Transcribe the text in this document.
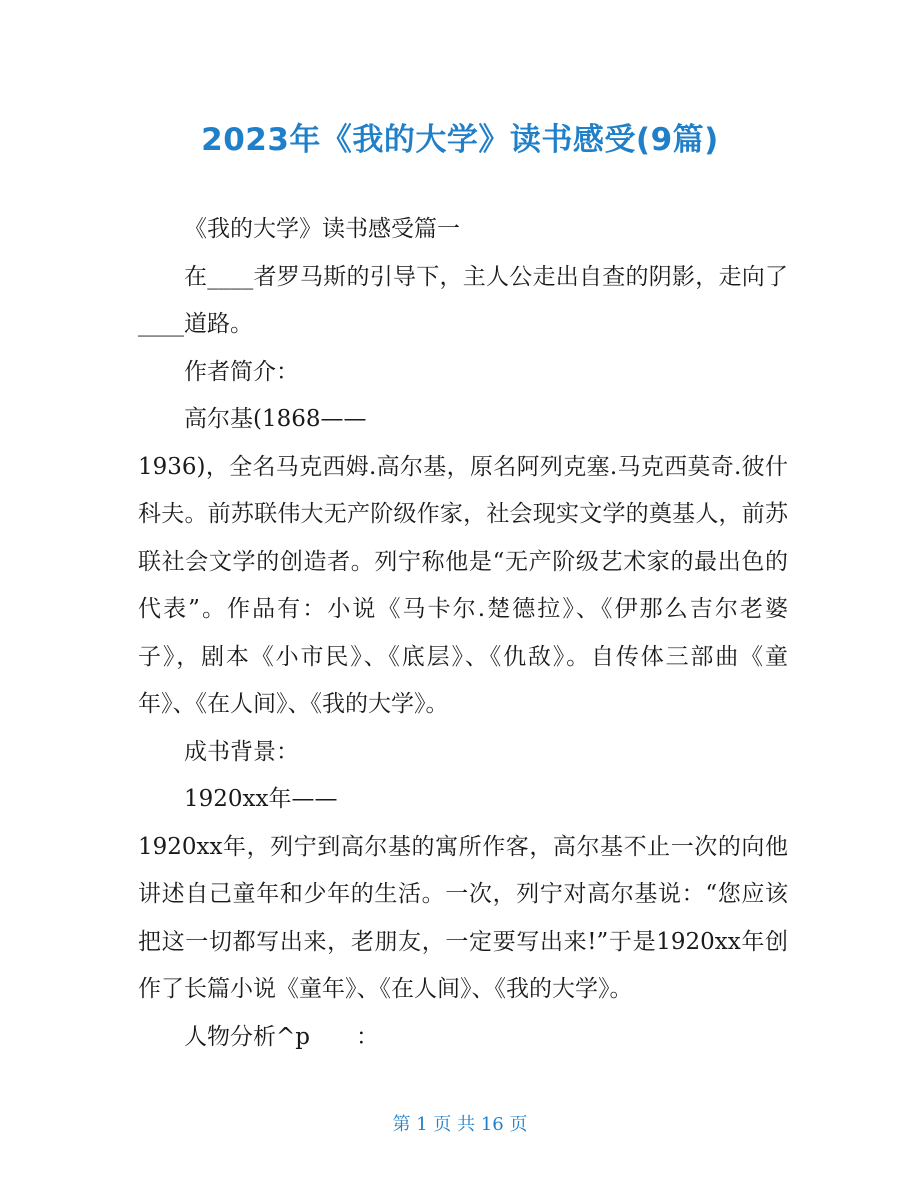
2023年《我的大学》读书感受(9篇)

《我的大学》读书感受篇一

在____者罗马斯的引导下，主人公走出自查的阴影，走向了____道路。

作者简介：

高尔基(1868——

1936)，全名马克西姆.高尔基，原名阿列克塞.马克西莫奇.彼什科夫。前苏联伟大无产阶级作家，社会现实文学的奠基人，前苏联社会文学的创造者。列宁称他是“无产阶级艺术家的最出色的代表”。作品有：小说《马卡尔.楚德拉》、《伊那么吉尔老婆子》，剧本《小市民》、《底层》、《仇敌》。自传体三部曲《童年》、《在人间》、《我的大学》。

成书背景：

1920xx年——

1920xx年，列宁到高尔基的寓所作客，高尔基不止一次的向他讲述自己童年和少年的生活。一次，列宁对高尔基说：“您应该把这一切都写出来，老朋友，一定要写出来!”于是1920xx年创作了长篇小说《童年》、《在人间》、《我的大学》。

人物分析^p　　：

第 1 页 共 16 页
